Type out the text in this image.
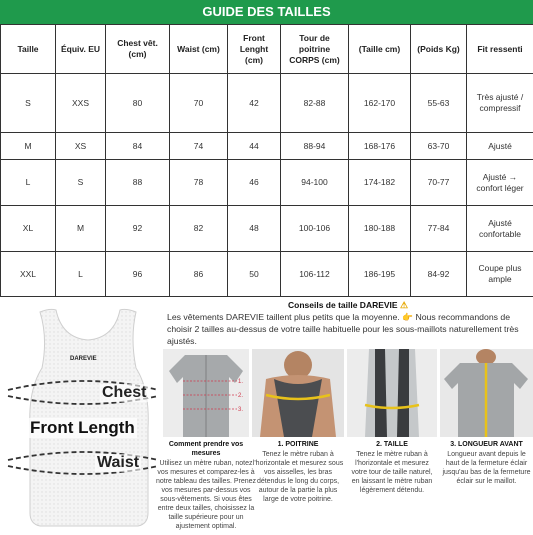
GUIDE DES TAILLES
Taille	Équiv. EU	Chest vêt. (cm)	Waist (cm)	Front Lenght (cm)	Tour de poitrine CORPS (cm)	(Taille cm)	(Poids Kg)	Fit ressenti
S	XXS	80	70	42	82-88	162-170	55-63	Très ajusté / compressif
M	XS	84	74	44	88-94	168-176	63-70	Ajusté
L	S	88	78	46	94-100	174-182	70-77	Ajusté → confort léger
XL	M	92	82	48	100-106	180-188	77-84	Ajusté confortable
XXL	L	96	86	50	106-112	186-195	84-92	Coupe plus ample
DAREVIE
Chest
Front Length
Waist
Conseils de taille DAREVIE ⚠
Les vêtements DAREVIE taillent plus petits que la moyenne. 👉 Nous recommandons de choisir 2 tailles au-dessus de votre taille habituelle pour les sous-maillots naturellement très ajustés.
1.
2.
3.
Comment prendre vos mesures
Utilisez un mètre ruban, notez vos mesures et comparez-les à notre tableau des tailles. Prenez vos mesures par-dessus vos sous-vêtements. Si vous êtes entre deux tailles, choisissez la taille supérieure pour un ajustement optimal.
1. POITRINE
Tenez le mètre ruban à l'horizontale et mesurez sous vos aisselles, les bras détendus le long du corps, autour de la partie la plus large de votre poitrine.
2. TAILLE
Tenez le mètre ruban à l'horizontale et mesurez votre tour de taille naturel, en laissant le mètre ruban légèrement détendu.
3. LONGUEUR AVANT
Longueur avant depuis le haut de la fermeture éclair jusqu'au bas de la fermeture éclair sur le maillot.
